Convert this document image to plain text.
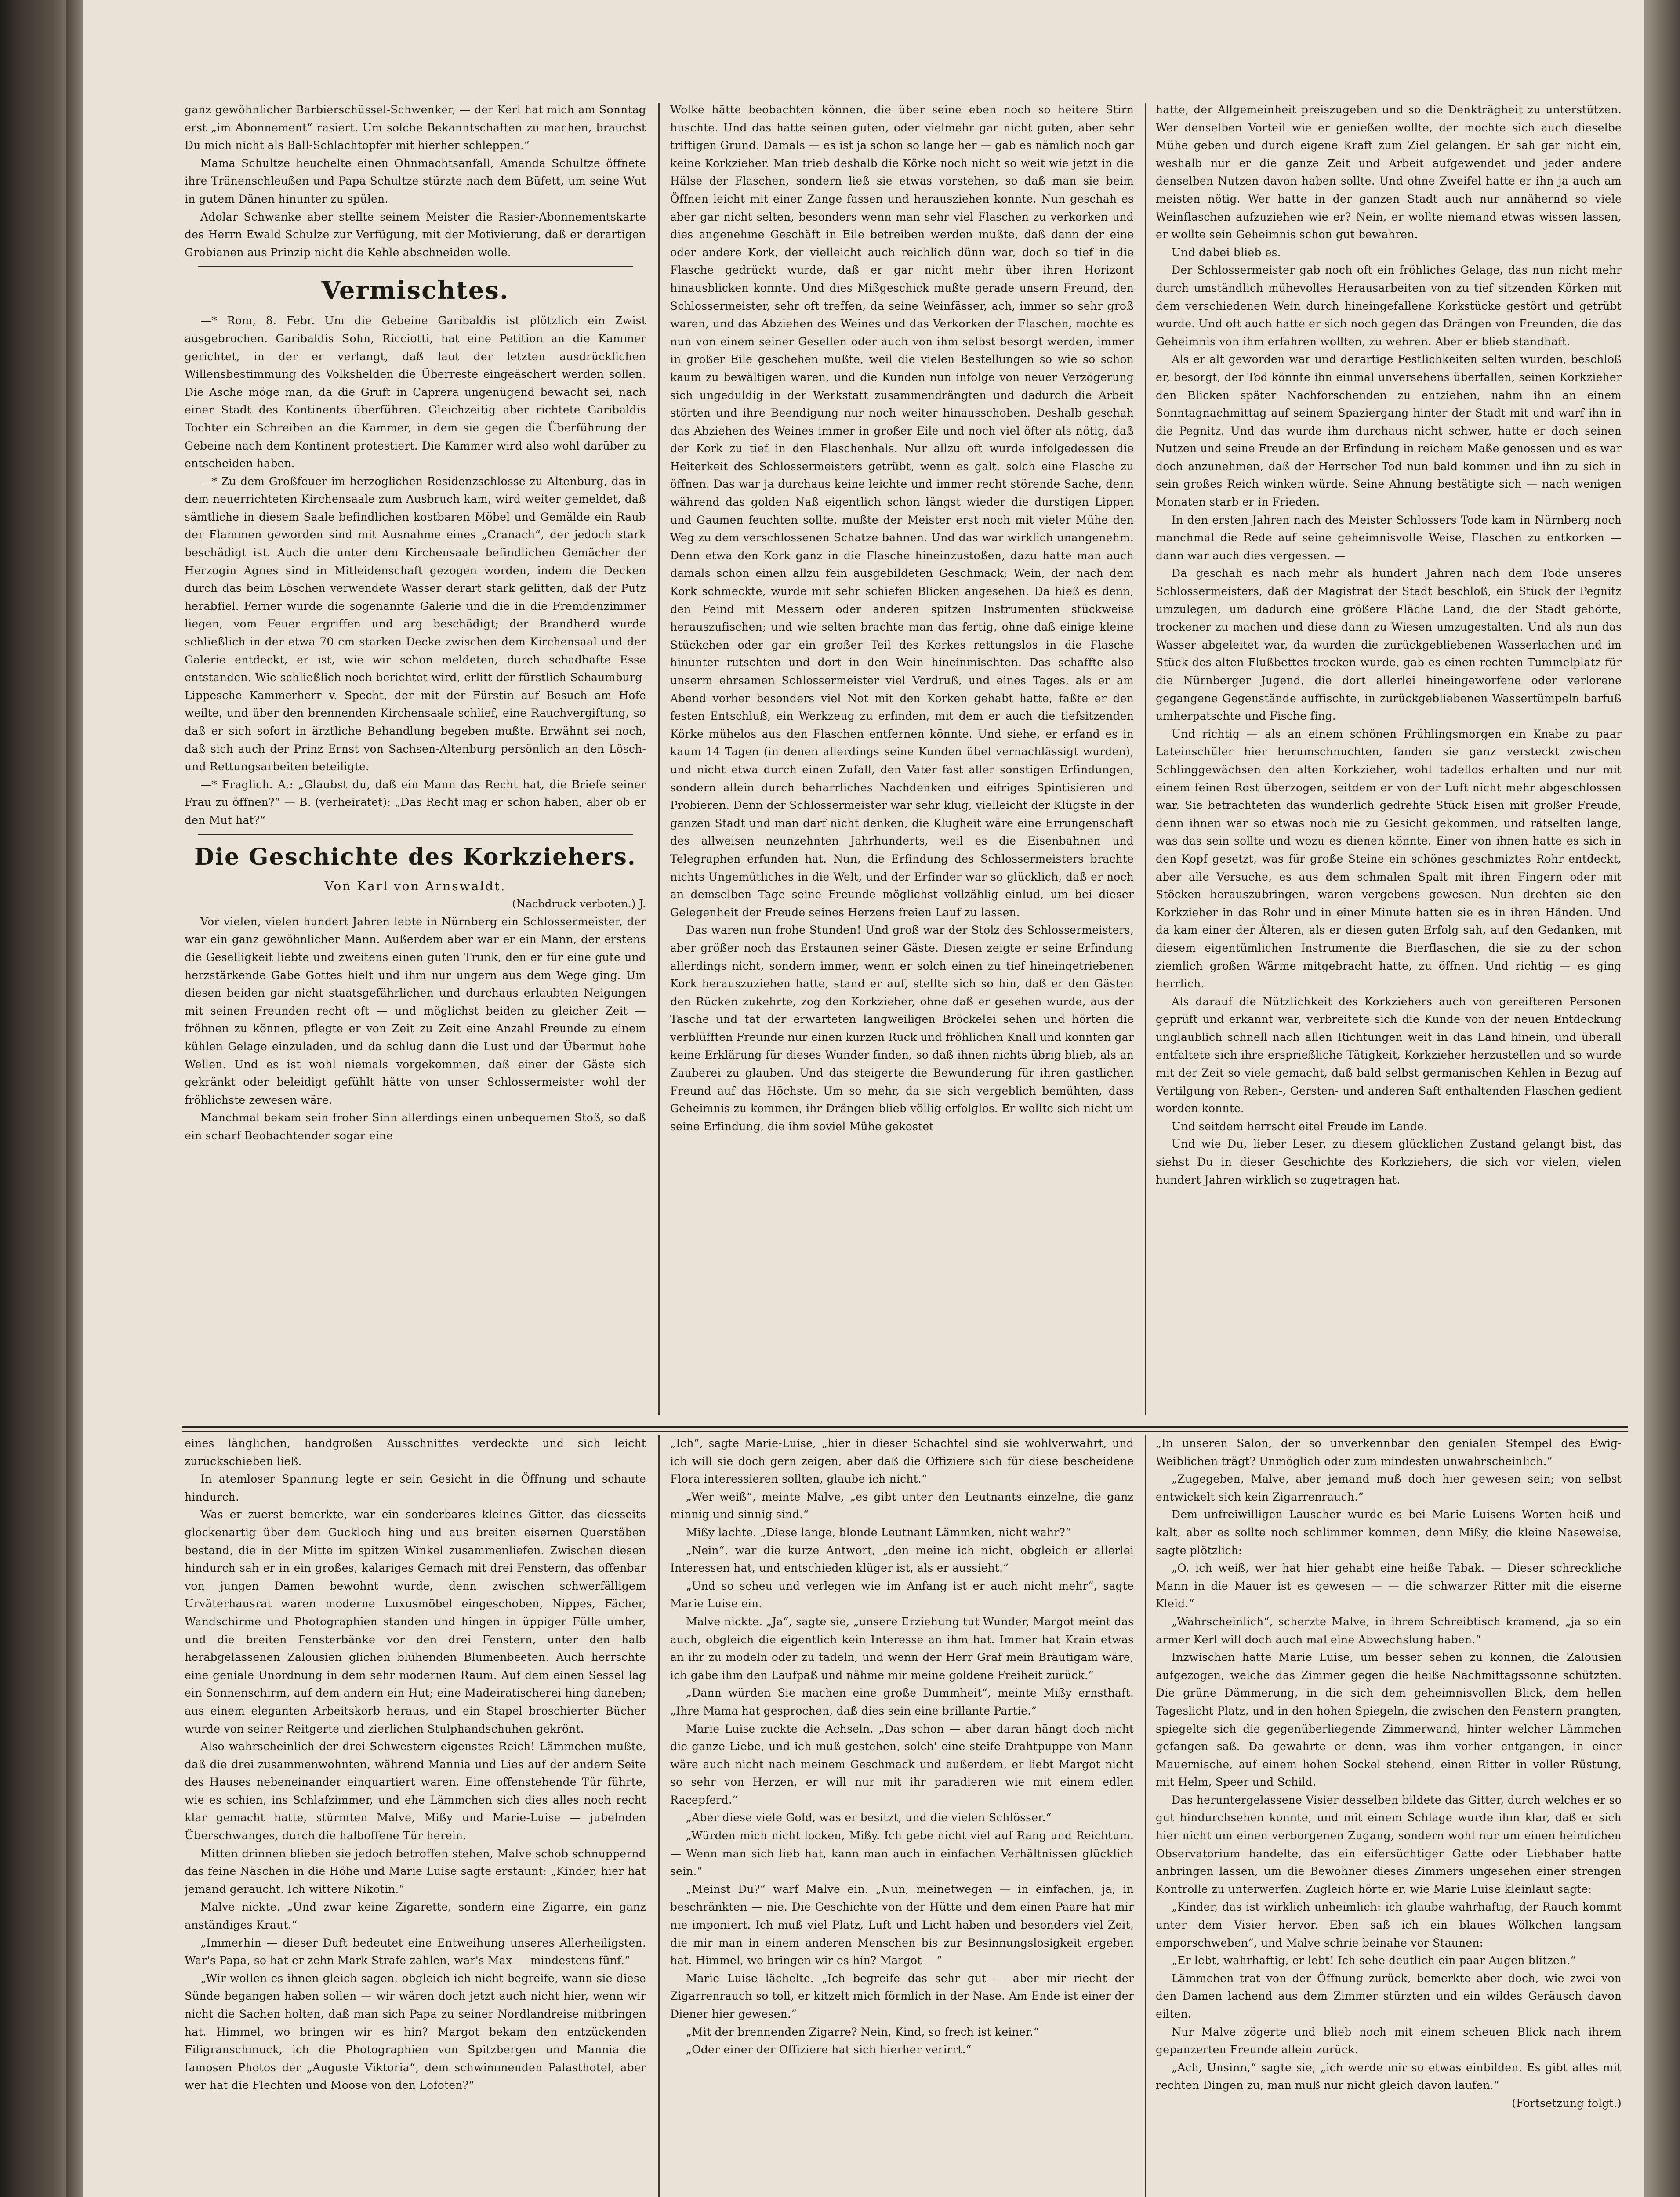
ganz gewöhnlicher Barbierschüssel-Schwenker, — der Kerl hat mich am Sonntag erst „im Abonnement“ rasiert. Um solche Bekanntschaften zu machen, brauchst Du mich nicht als Ball-Schlachtopfer mit hierher schleppen.“

Mama Schultze heuchelte einen Ohnmachtsanfall, Amanda Schultze öffnete ihre Tränenschleußen und Papa Schultze stürzte nach dem Büfett, um seine Wut in gutem Dänen hinunter zu spülen.

Adolar Schwanke aber stellte seinem Meister die Rasier-Abonnementskarte des Herrn Ewald Schulze zur Verfügung, mit der Motivierung, daß er derartigen Grobianen aus Prinzip nicht die Kehle abschneiden wolle.

Vermischtes.

—* Rom, 8. Febr. Um die Gebeine Garibaldis ist plötzlich ein Zwist ausgebrochen. Garibaldis Sohn, Ricciotti, hat eine Petition an die Kammer gerichtet, in der er verlangt, daß laut der letzten ausdrücklichen Willensbestimmung des Volkshelden die Überreste eingeäschert werden sollen. Die Asche möge man, da die Gruft in Caprera ungenügend bewacht sei, nach einer Stadt des Kontinents überführen. Gleichzeitig aber richtete Garibaldis Tochter ein Schreiben an die Kammer, in dem sie gegen die Überführung der Gebeine nach dem Kontinent protestiert. Die Kammer wird also wohl darüber zu entscheiden haben.

—* Zu dem Großfeuer im herzoglichen Residenzschlosse zu Altenburg, das in dem neuerrichteten Kirchensaale zum Ausbruch kam, wird weiter gemeldet, daß sämtliche in diesem Saale befindlichen kostbaren Möbel und Gemälde ein Raub der Flammen geworden sind mit Ausnahme eines „Cranach“, der jedoch stark beschädigt ist. Auch die unter dem Kirchensaale befindlichen Gemächer der Herzogin Agnes sind in Mitleidenschaft gezogen worden, indem die Decken durch das beim Löschen verwendete Wasser derart stark gelitten, daß der Putz herabfiel. Ferner wurde die sogenannte Galerie und die in die Fremdenzimmer liegen, vom Feuer ergriffen und arg beschädigt; der Brandherd wurde schließlich in der etwa 70 cm starken Decke zwischen dem Kirchensaal und der Galerie entdeckt, er ist, wie wir schon meldeten, durch schadhafte Esse entstanden. Wie schließlich noch berichtet wird, erlitt der fürstlich Schaumburg-Lippesche Kammerherr v. Specht, der mit der Fürstin auf Besuch am Hofe weilte, und über den brennenden Kirchensaale schlief, eine Rauchvergiftung, so daß er sich sofort in ärztliche Behandlung begeben mußte. Erwähnt sei noch, daß sich auch der Prinz Ernst von Sachsen-Altenburg persönlich an den Lösch- und Rettungsarbeiten beteiligte.

—* Fraglich. A.: „Glaubst du, daß ein Mann das Recht hat, die Briefe seiner Frau zu öffnen?“ — B. (verheiratet): „Das Recht mag er schon haben, aber ob er den Mut hat?“

Die Geschichte des Korkziehers.

Von Karl von Arnswaldt.

(Nachdruck verboten.) J.

Vor vielen, vielen hundert Jahren lebte in Nürnberg ein Schlossermeister, der war ein ganz gewöhnlicher Mann. Außerdem aber war er ein Mann, der erstens die Geselligkeit liebte und zweitens einen guten Trunk, den er für eine gute und herzstärkende Gabe Gottes hielt und ihm nur ungern aus dem Wege ging. Um diesen beiden gar nicht staatsgefährlichen und durchaus erlaubten Neigungen mit seinen Freunden recht oft — und möglichst beiden zu gleicher Zeit — fröhnen zu können, pflegte er von Zeit zu Zeit eine Anzahl Freunde zu einem kühlen Gelage einzuladen, und da schlug dann die Lust und der Übermut hohe Wellen. Und es ist wohl niemals vorgekommen, daß einer der Gäste sich gekränkt oder beleidigt gefühlt hätte von unser Schlossermeister wohl der fröhlichste zewesen wäre.

Manchmal bekam sein froher Sinn allerdings einen unbequemen Stoß, so daß ein scharf Beobachtender sogar eine

Wolke hätte beobachten können, die über seine eben noch so heitere Stirn huschte. Und das hatte seinen guten, oder vielmehr gar nicht guten, aber sehr triftigen Grund. Damals — es ist ja schon so lange her — gab es nämlich noch gar keine Korkzieher. Man trieb deshalb die Körke noch nicht so weit wie jetzt in die Hälse der Flaschen, sondern ließ sie etwas vorstehen, so daß man sie beim Öffnen leicht mit einer Zange fassen und herausziehen konnte. Nun geschah es aber gar nicht selten, besonders wenn man sehr viel Flaschen zu verkorken und dies angenehme Geschäft in Eile betreiben werden mußte, daß dann der eine oder andere Kork, der vielleicht auch reichlich dünn war, doch so tief in die Flasche gedrückt wurde, daß er gar nicht mehr über ihren Horizont hinausblicken konnte. Und dies Mißgeschick mußte gerade unsern Freund, den Schlossermeister, sehr oft treffen, da seine Weinfässer, ach, immer so sehr groß waren, und das Abziehen des Weines und das Verkorken der Flaschen, mochte es nun von einem seiner Gesellen oder auch von ihm selbst besorgt werden, immer in großer Eile geschehen mußte, weil die vielen Bestellungen so wie so schon kaum zu bewältigen waren, und die Kunden nun infolge von neuer Verzögerung sich ungeduldig in der Werkstatt zusammendrängten und dadurch die Arbeit störten und ihre Beendigung nur noch weiter hinausschoben. Deshalb geschah das Abziehen des Weines immer in großer Eile und noch viel öfter als nötig, daß der Kork zu tief in den Flaschenhals. Nur allzu oft wurde infolgedessen die Heiterkeit des Schlossermeisters getrübt, wenn es galt, solch eine Flasche zu öffnen. Das war ja durchaus keine leichte und immer recht störende Sache, denn während das golden Naß eigentlich schon längst wieder die durstigen Lippen und Gaumen feuchten sollte, mußte der Meister erst noch mit vieler Mühe den Weg zu dem verschlossenen Schatze bahnen. Und das war wirklich unangenehm. Denn etwa den Kork ganz in die Flasche hineinzustoßen, dazu hatte man auch damals schon einen allzu fein ausgebildeten Geschmack; Wein, der nach dem Kork schmeckte, wurde mit sehr schiefen Blicken angesehen. Da hieß es denn, den Feind mit Messern oder anderen spitzen Instrumenten stückweise herauszufischen; und wie selten brachte man das fertig, ohne daß einige kleine Stückchen oder gar ein großer Teil des Korkes rettungslos in die Flasche hinunter rutschten und dort in den Wein hineinmischten. Das schaffte also unserm ehrsamen Schlossermeister viel Verdruß, und eines Tages, als er am Abend vorher besonders viel Not mit den Korken gehabt hatte, faßte er den festen Entschluß, ein Werkzeug zu erfinden, mit dem er auch die tiefsitzenden Körke mühelos aus den Flaschen entfernen könnte. Und siehe, er erfand es in kaum 14 Tagen (in denen allerdings seine Kunden übel vernachlässigt wurden), und nicht etwa durch einen Zufall, den Vater fast aller sonstigen Erfindungen, sondern allein durch beharrliches Nachdenken und eifriges Spintisieren und Probieren. Denn der Schlossermeister war sehr klug, vielleicht der Klügste in der ganzen Stadt und man darf nicht denken, die Klugheit wäre eine Errungenschaft des allweisen neunzehnten Jahrhunderts, weil es die Eisenbahnen und Telegraphen erfunden hat. Nun, die Erfindung des Schlossermeisters brachte nichts Ungemütliches in die Welt, und der Erfinder war so glücklich, daß er noch an demselben Tage seine Freunde möglichst vollzählig einlud, um bei dieser Gelegenheit der Freude seines Herzens freien Lauf zu lassen.

Das waren nun frohe Stunden! Und groß war der Stolz des Schlossermeisters, aber größer noch das Erstaunen seiner Gäste. Diesen zeigte er seine Erfindung allerdings nicht, sondern immer, wenn er solch einen zu tief hineingetriebenen Kork herauszuziehen hatte, stand er auf, stellte sich so hin, daß er den Gästen den Rücken zukehrte, zog den Korkzieher, ohne daß er gesehen wurde, aus der Tasche und tat der erwarteten langweiligen Bröckelei sehen und hörten die verblüfften Freunde nur einen kurzen Ruck und fröhlichen Knall und konnten gar keine Erklärung für dieses Wunder finden, so daß ihnen nichts übrig blieb, als an Zauberei zu glauben. Und das steigerte die Bewunderung für ihren gastlichen Freund auf das Höchste. Um so mehr, da sie sich vergeblich bemühten, dass Geheimnis zu kommen, ihr Drängen blieb völlig erfolglos. Er wollte sich nicht um seine Erfindung, die ihm soviel Mühe gekostet

hatte, der Allgemeinheit preiszugeben und so die Denkträgheit zu unterstützen. Wer denselben Vorteil wie er genießen wollte, der mochte sich auch dieselbe Mühe geben und durch eigene Kraft zum Ziel gelangen. Er sah gar nicht ein, weshalb nur er die ganze Zeit und Arbeit aufgewendet und jeder andere denselben Nutzen davon haben sollte. Und ohne Zweifel hatte er ihn ja auch am meisten nötig. Wer hatte in der ganzen Stadt auch nur annähernd so viele Weinflaschen aufzuziehen wie er? Nein, er wollte niemand etwas wissen lassen, er wollte sein Geheimnis schon gut bewahren.

Und dabei blieb es.

Der Schlossermeister gab noch oft ein fröhliches Gelage, das nun nicht mehr durch umständlich mühevolles Herausarbeiten von zu tief sitzenden Körken mit dem verschiedenen Wein durch hineingefallene Korkstücke gestört und getrübt wurde. Und oft auch hatte er sich noch gegen das Drängen von Freunden, die das Geheimnis von ihm erfahren wollten, zu wehren. Aber er blieb standhaft.

Als er alt geworden war und derartige Festlichkeiten selten wurden, beschloß er, besorgt, der Tod könnte ihn einmal unversehens überfallen, seinen Korkzieher den Blicken später Nachforschenden zu entziehen, nahm ihn an einem Sonntagnachmittag auf seinem Spaziergang hinter der Stadt mit und warf ihn in die Pegnitz. Und das wurde ihm durchaus nicht schwer, hatte er doch seinen Nutzen und seine Freude an der Erfindung in reichem Maße genossen und es war doch anzunehmen, daß der Herrscher Tod nun bald kommen und ihn zu sich in sein großes Reich winken würde. Seine Ahnung bestätigte sich — nach wenigen Monaten starb er in Frieden.

In den ersten Jahren nach des Meister Schlossers Tode kam in Nürnberg noch manchmal die Rede auf seine geheimnisvolle Weise, Flaschen zu entkorken — dann war auch dies vergessen. —

Da geschah es nach mehr als hundert Jahren nach dem Tode unseres Schlossermeisters, daß der Magistrat der Stadt beschloß, ein Stück der Pegnitz umzulegen, um dadurch eine größere Fläche Land, die der Stadt gehörte, trockener zu machen und diese dann zu Wiesen umzugestalten. Und als nun das Wasser abgeleitet war, da wurden die zurückgebliebenen Wasserlachen und im Stück des alten Flußbettes trocken wurde, gab es einen rechten Tummelplatz für die Nürnberger Jugend, die dort allerlei hineingeworfene oder verlorene gegangene Gegenstände auffischte, in zurückgebliebenen Wassertümpeln barfuß umherpatschte und Fische fing.

Und richtig — als an einem schönen Frühlingsmorgen ein Knabe zu paar Lateinschüler hier herumschnuchten, fanden sie ganz versteckt zwischen Schlinggewächsen den alten Korkzieher, wohl tadellos erhalten und nur mit einem feinen Rost überzogen, seitdem er von der Luft nicht mehr abgeschlossen war. Sie betrachteten das wunderlich gedrehte Stück Eisen mit großer Freude, denn ihnen war so etwas noch nie zu Gesicht gekommen, und rätselten lange, was das sein sollte und wozu es dienen könnte. Einer von ihnen hatte es sich in den Kopf gesetzt, was für große Steine ein schönes geschmiztes Rohr entdeckt, aber alle Versuche, es aus dem schmalen Spalt mit ihren Fingern oder mit Stöcken herauszubringen, waren vergebens gewesen. Nun drehten sie den Korkzieher in das Rohr und in einer Minute hatten sie es in ihren Händen. Und da kam einer der Älteren, als er diesen guten Erfolg sah, auf den Gedanken, mit diesem eigentümlichen Instrumente die Bierflaschen, die sie zu der schon ziemlich großen Wärme mitgebracht hatte, zu öffnen. Und richtig — es ging herrlich.

Als darauf die Nützlichkeit des Korkziehers auch von gereifteren Personen geprüft und erkannt war, verbreitete sich die Kunde von der neuen Entdeckung unglaublich schnell nach allen Richtungen weit in das Land hinein, und überall entfaltete sich ihre ersprießliche Tätigkeit, Korkzieher herzustellen und so wurde mit der Zeit so viele gemacht, daß bald selbst germanischen Kehlen in Bezug auf Vertilgung von Reben-, Gersten- und anderen Saft enthaltenden Flaschen gedient worden konnte.

Und seitdem herrscht eitel Freude im Lande.

Und wie Du, lieber Leser, zu diesem glücklichen Zustand gelangt bist, das siehst Du in dieser Geschichte des Korkziehers, die sich vor vielen, vielen hundert Jahren wirklich so zugetragen hat.

eines länglichen, handgroßen Ausschnittes verdeckte und sich leicht zurückschieben ließ.

In atemloser Spannung legte er sein Gesicht in die Öffnung und schaute hindurch.

Was er zuerst bemerkte, war ein sonderbares kleines Gitter, das diesseits glockenartig über dem Guckloch hing und aus breiten eisernen Querstäben bestand, die in der Mitte im spitzen Winkel zusammenliefen. Zwischen diesen hindurch sah er in ein großes, kalariges Gemach mit drei Fenstern, das offenbar von jungen Damen bewohnt wurde, denn zwischen schwerfälligem Urväterhausrat waren moderne Luxusmöbel eingeschoben, Nippes, Fächer, Wandschirme und Photographien standen und hingen in üppiger Fülle umher, und die breiten Fensterbänke vor den drei Fenstern, unter den halb herabgelassenen Zalousien glichen blühenden Blumenbeeten. Auch herrschte eine geniale Unordnung in dem sehr modernen Raum. Auf dem einen Sessel lag ein Sonnenschirm, auf dem andern ein Hut; eine Madeiratischerei hing daneben; aus einem eleganten Arbeitskorb heraus, und ein Stapel broschierter Bücher wurde von seiner Reitgerte und zierlichen Stulphandschuhen gekrönt.

Also wahrscheinlich der drei Schwestern eigenstes Reich! Lämmchen mußte, daß die drei zusammenwohnten, während Mannia und Lies auf der andern Seite des Hauses nebeneinander einquartiert waren. Eine offenstehende Tür führte, wie es schien, ins Schlafzimmer, und ehe Lämmchen sich dies alles noch recht klar gemacht hatte, stürmten Malve, Mißy und Marie-Luise — jubelnden Überschwanges, durch die halboffene Tür herein.

Mitten drinnen blieben sie jedoch betroffen stehen, Malve schob schnuppernd das feine Näschen in die Höhe und Marie Luise sagte erstaunt: „Kinder, hier hat jemand geraucht. Ich wittere Nikotin.“

Malve nickte. „Und zwar keine Zigarette, sondern eine Zigarre, ein ganz anständiges Kraut.“

„Immerhin — dieser Duft bedeutet eine Entweihung unseres Allerheiligsten. War's Papa, so hat er zehn Mark Strafe zahlen, war's Max — mindestens fünf.“

„Wir wollen es ihnen gleich sagen, obgleich ich nicht begreife, wann sie diese Sünde begangen haben sollen — wir wären doch jetzt auch nicht hier, wenn wir nicht die Sachen holten, daß man sich Papa zu seiner Nordlandreise mitbringen hat. Himmel, wo bringen wir es hin? Margot bekam den entzückenden Filigranschmuck, ich die Photographien von Spitzbergen und Mannia die famosen Photos der „Auguste Viktoria“, dem schwimmenden Palasthotel, aber wer hat die Flechten und Moose von den Lofoten?“

„Ich“, sagte Marie-Luise, „hier in dieser Schachtel sind sie wohlverwahrt, und ich will sie doch gern zeigen, aber daß die Offiziere sich für diese bescheidene Flora interessieren sollten, glaube ich nicht.“

„Wer weiß“, meinte Malve, „es gibt unter den Leutnants einzelne, die ganz minnig und sinnig sind.“

Mißy lachte. „Diese lange, blonde Leutnant Lämmken, nicht wahr?“

„Nein“, war die kurze Antwort, „den meine ich nicht, obgleich er allerlei Interessen hat, und entschieden klüger ist, als er aussieht.“

„Und so scheu und verlegen wie im Anfang ist er auch nicht mehr“, sagte Marie Luise ein.

Malve nickte. „Ja“, sagte sie, „unsere Erziehung tut Wunder, Margot meint das auch, obgleich die eigentlich kein Interesse an ihm hat. Immer hat Krain etwas an ihr zu modeln oder zu tadeln, und wenn der Herr Graf mein Bräutigam wäre, ich gäbe ihm den Laufpaß und nähme mir meine goldene Freiheit zurück.“

„Dann würden Sie machen eine große Dummheit“, meinte Mißy ernsthaft. „Ihre Mama hat gesprochen, daß dies sein eine brillante Partie.“

Marie Luise zuckte die Achseln. „Das schon — aber daran hängt doch nicht die ganze Liebe, und ich muß gestehen, solch' eine steife Drahtpuppe von Mann wäre auch nicht nach meinem Geschmack und außerdem, er liebt Margot nicht so sehr von Herzen, er will nur mit ihr paradieren wie mit einem edlen Racepferd.“

„Aber diese viele Gold, was er besitzt, und die vielen Schlösser.“

„Würden mich nicht locken, Mißy. Ich gebe nicht viel auf Rang und Reichtum. — Wenn man sich lieb hat, kann man auch in einfachen Verhältnissen glücklich sein.“

„Meinst Du?“ warf Malve ein. „Nun, meinetwegen — in einfachen, ja; in beschränkten — nie. Die Geschichte von der Hütte und dem einen Paare hat mir nie imponiert. Ich muß viel Platz, Luft und Licht haben und besonders viel Zeit, die mir man in einem anderen Menschen bis zur Besinnungslosigkeit ergeben hat. Himmel, wo bringen wir es hin? Margot —“

Marie Luise lächelte. „Ich begreife das sehr gut — aber mir riecht der Zigarrenrauch so toll, er kitzelt mich förmlich in der Nase. Am Ende ist einer der Diener hier gewesen.“

„Mit der brennenden Zigarre? Nein, Kind, so frech ist keiner.“

„Oder einer der Offiziere hat sich hierher verirrt.“

„In unseren Salon, der so unverkennbar den genialen Stempel des Ewig-Weiblichen trägt? Unmöglich oder zum mindesten unwahrscheinlich.“

„Zugegeben, Malve, aber jemand muß doch hier gewesen sein; von selbst entwickelt sich kein Zigarrenrauch.“

Dem unfreiwilligen Lauscher wurde es bei Marie Luisens Worten heiß und kalt, aber es sollte noch schlimmer kommen, denn Mißy, die kleine Naseweise, sagte plötzlich:

„O, ich weiß, wer hat hier gehabt eine heiße Tabak. — Dieser schreckliche Mann in die Mauer ist es gewesen — — die schwarzer Ritter mit die eiserne Kleid.“

„Wahrscheinlich“, scherzte Malve, in ihrem Schreibtisch kramend, „ja so ein armer Kerl will doch auch mal eine Abwechslung haben.“

Inzwischen hatte Marie Luise, um besser sehen zu können, die Zalousien aufgezogen, welche das Zimmer gegen die heiße Nachmittagssonne schützten. Die grüne Dämmerung, in die sich dem geheimnisvollen Blick, dem hellen Tageslicht Platz, und in den hohen Spiegeln, die zwischen den Fenstern prangten, spiegelte sich die gegenüberliegende Zimmerwand, hinter welcher Lämmchen gefangen saß. Da gewahrte er denn, was ihm vorher entgangen, in einer Mauernische, auf einem hohen Sockel stehend, einen Ritter in voller Rüstung, mit Helm, Speer und Schild.

Das heruntergelassene Visier desselben bildete das Gitter, durch welches er so gut hindurchsehen konnte, und mit einem Schlage wurde ihm klar, daß er sich hier nicht um einen verborgenen Zugang, sondern wohl nur um einen heimlichen Observatorium handelte, das ein eifersüchtiger Gatte oder Liebhaber hatte anbringen lassen, um die Bewohner dieses Zimmers ungesehen einer strengen Kontrolle zu unterwerfen. Zugleich hörte er, wie Marie Luise kleinlaut sagte:

„Kinder, das ist wirklich unheimlich: ich glaube wahrhaftig, der Rauch kommt unter dem Visier hervor. Eben saß ich ein blaues Wölkchen langsam emporschweben“, und Malve schrie beinahe vor Staunen:

„Er lebt, wahrhaftig, er lebt! Ich sehe deutlich ein paar Augen blitzen.“

Lämmchen trat von der Öffnung zurück, bemerkte aber doch, wie zwei von den Damen lachend aus dem Zimmer stürzten und ein wildes Geräusch davon eilten.

Nur Malve zögerte und blieb noch mit einem scheuen Blick nach ihrem gepanzerten Freunde allein zurück.

„Ach, Unsinn,“ sagte sie, „ich werde mir so etwas einbilden. Es gibt alles mit rechten Dingen zu, man muß nur nicht gleich davon laufen.“

(Fortsetzung folgt.)
